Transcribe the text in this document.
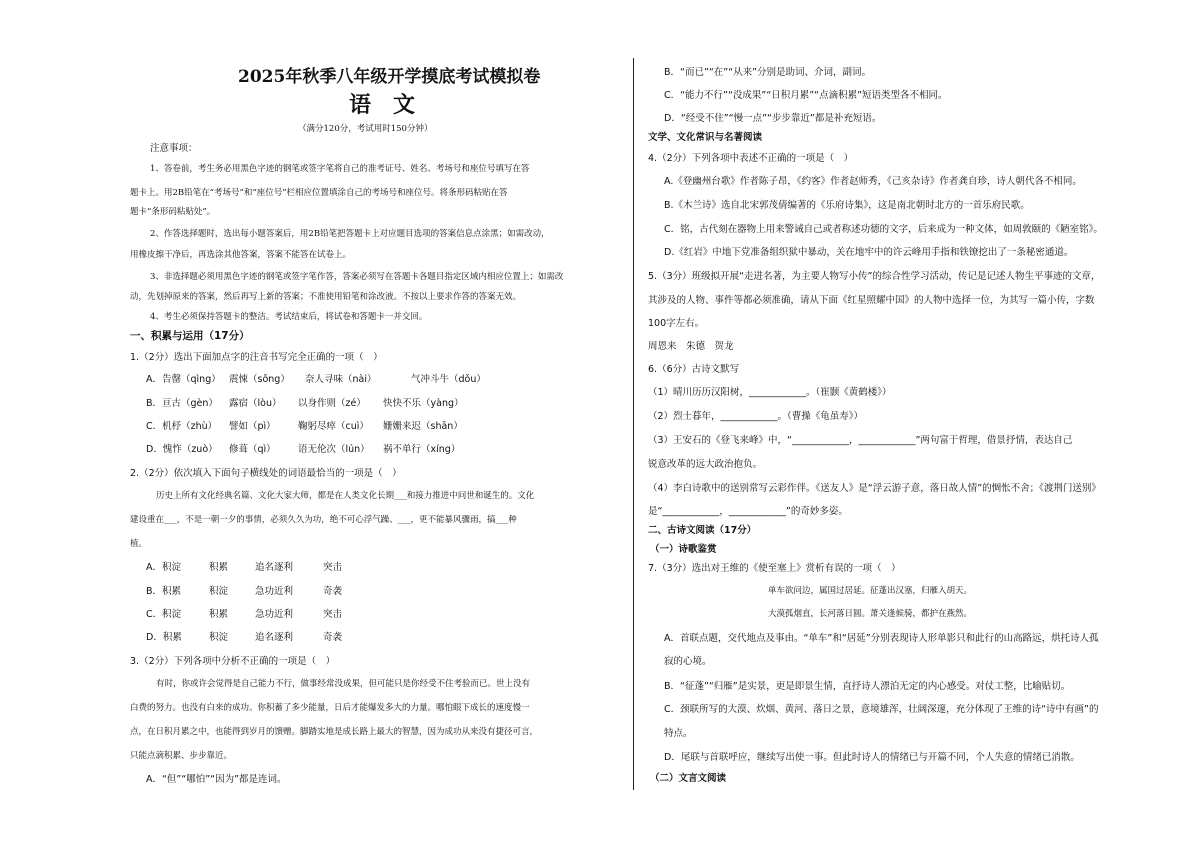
2025年秋季八年级开学摸底考试模拟卷
语　文
（满分120分，考试用时150分钟）
注意事项：
1、答卷前，考生务必用黑色字迹的钢笔或签字笔将自己的准考证号、姓名、考场号和座位号填写在答
题卡上。用2B铅笔在“考场号”和“座位号”栏相应位置填涂自己的考场号和座位号。将条形码粘贴在答
题卡“条形码粘贴处”。
2、作答选择题时，选出每小题答案后，用2B铅笔把答题卡上对应题目选项的答案信息点涂黑；如需改动，
用橡皮擦干净后，再选涂其他答案，答案不能答在试卷上。
3、非选择题必须用黑色字迹的钢笔或签字笔作答，答案必须写在答题卡各题目指定区域内相应位置上；如需改
动，先划掉原来的答案，然后再写上新的答案；不准使用铅笔和涂改液。不按以上要求作答的答案无效。
4、考生必须保持答题卡的整洁。考试结束后，将试卷和答题卡一并交回。
一、积累与运用（17分）
1.（2分）选出下面加点字的注音书写完全正确的一项（　）
A．告罄（qìng） 震悚（sǒng） 奈人寻味（nài）	气冲斗牛（dǒu）
B．亘古（gèn） 露宿（lòu） 以身作则（zé） 快快不乐（yàng）
C．机杼（zhù） 譬如（pì） 鞠躬尽瘁（cuì） 姗姗来迟（shān）
D．愧怍（zuò） 修葺（qì） 语无伦次（lún） 祸不单行（xíng）
2.（2分）依次填入下面句子横线处的词语最恰当的一项是（　）
历史上所有文化经典名篇、文化大家大师，都是在人类文化长期___和接力推进中问世和诞生的。文化
建设重在___，不是一朝一夕的事情，必须久久为功，绝不可心浮气躁、___，更不能暴风骤雨，搞___种
植。
A．积淀	积累	追名逐利	突击
B．积累	积淀	急功近利	奇袭
C．积淀	积累	急功近利	突击
D．积累	积淀	追名逐利	奇袭
3.（2分）下列各项中分析不正确的一项是（　）
有时，你或许会觉得是自己能力不行，做事经常没成果，但可能只是你经受不住考验而已。世上没有
白费的努力。也没有白来的成功。你积蓄了多少能量，日后才能爆发多大的力量。哪怕眼下成长的速度慢一
点，在日积月累之中，也能得到岁月的馈赠。脚踏实地是成长路上最大的智慧，因为成功从来没有捷径可言，
只能点滴积累、步步靠近。
A．“但”“哪怕”“因为”都是连词。
B．“而已”“在”“从来”分别是助词、介词，副词。
C．“能力不行”“没成果”“日积月累”“点滴积累”短语类型各不相同。
D．“经受不住”“慢一点”“步步靠近”都是补充短语。
文学、文化常识与名著阅读
4.（2分）下列各项中表述不正确的一项是（　）
A.《登幽州台歌》作者陈子昂，《约客》作者赵师秀，《己亥杂诗》作者龚自珍，诗人朝代各不相同。
B.《木兰诗》选自北宋郭茂倩编著的《乐府诗集》，这是南北朝时北方的一首乐府民歌。
C．铭，古代刻在器物上用来警诫自己或者称述功德的文字，后来成为一种文体，如周敦颐的《陋室铭》。
D.《红岩》中地下党准备组织狱中暴动，关在地牢中的许云峰用手指和铁镣挖出了一条秘密通道。
5.（3分）班级拟开展“走进名著，为主要人物写小传”的综合性学习活动，传记是记述人物生平事迹的文章，
其涉及的人物、事件等都必须准确，请从下面《红星照耀中国》的人物中选择一位，为其写一篇小传，字数
100字左右。
周恩来　朱德　贺龙
6.（6分）古诗文默写
（1）晴川历历汉阳树，____________。（崔颢《黄鹤楼》）
（2）烈士暮年，____________。（曹操《龟虽寿》）
（3）王安石的《登飞来峰》中，“____________，____________”两句富于哲理，借景抒情，表达自己
锐意改革的远大政治抱负。
（4）李白诗歌中的送别常写云彩作伴。《送友人》是“浮云游子意，落日故人情”的惆怅不舍；《渡荆门送别》
是“____________，____________”的奇妙多姿。
二、古诗文阅读（17分）
（一）诗歌鉴赏
7.（3分）选出对王维的《使至塞上》赏析有误的一项（　）
单车欲问边，属国过居延。征蓬出汉塞，归雁入胡天。
大漠孤烟直，长河落日圆。萧关逢候骑，都护在燕然。
A．首联点题，交代地点及事由。“单车”和“居延”分别表现诗人形单影只和此行的山高路远，烘托诗人孤
寂的心境。
B．“征蓬”“归雁”是实景，更是即景生情，直抒诗人漂泊无定的内心感受。对仗工整，比喻贴切。
C．颈联所写的大漠、炊烟、黄河、落日之景，意境雄浑，壮阔深邃，充分体现了王维的诗“诗中有画”的
特点。
D．尾联与首联呼应，继续写出使一事。但此时诗人的情绪已与开篇不同，个人失意的情绪已消散。
（二）文言文阅读
